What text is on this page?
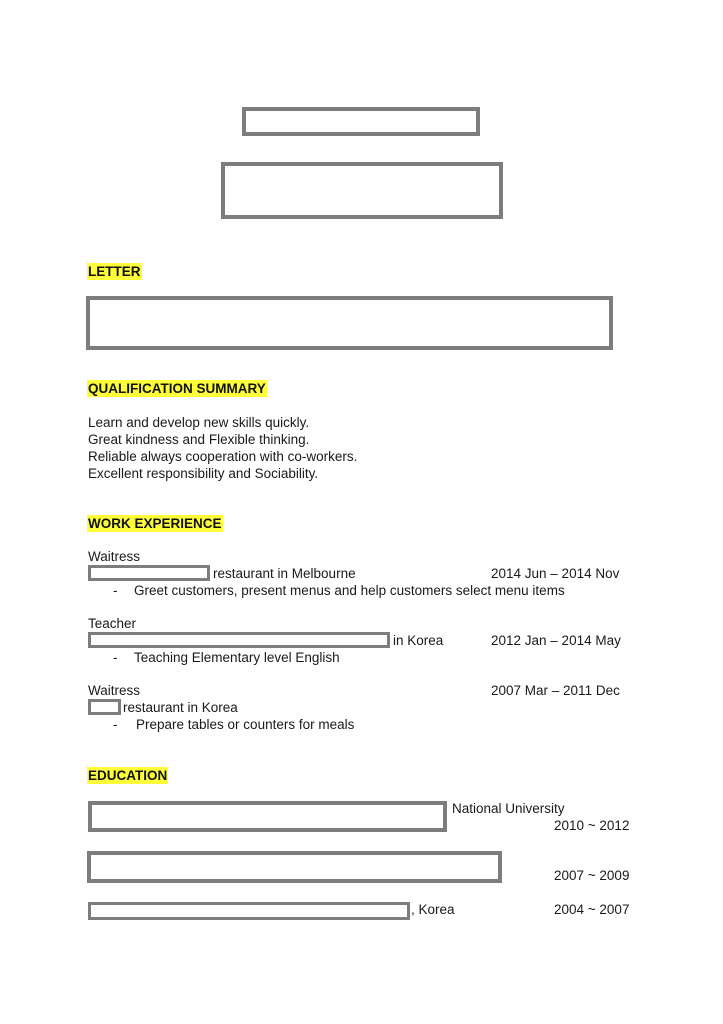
LETTER
QUALIFICATION SUMMARY
Learn and develop new skills quickly.
Great kindness and Flexible thinking.
Reliable always cooperation with co-workers.
Excellent responsibility and Sociability.
WORK EXPERIENCE
Waitress
restaurant in Melbourne	2014 Jun – 2014 Nov
- Greet customers, present menus and help customers select menu items
Teacher
in Korea	2012 Jan – 2014 May
- Teaching Elementary level English
Waitress	2007 Mar – 2011 Dec
restaurant in Korea
- Prepare tables or counters for meals
EDUCATION
National University
2010 ~ 2012
2007 ~ 2009
, Korea	2004 ~ 2007
